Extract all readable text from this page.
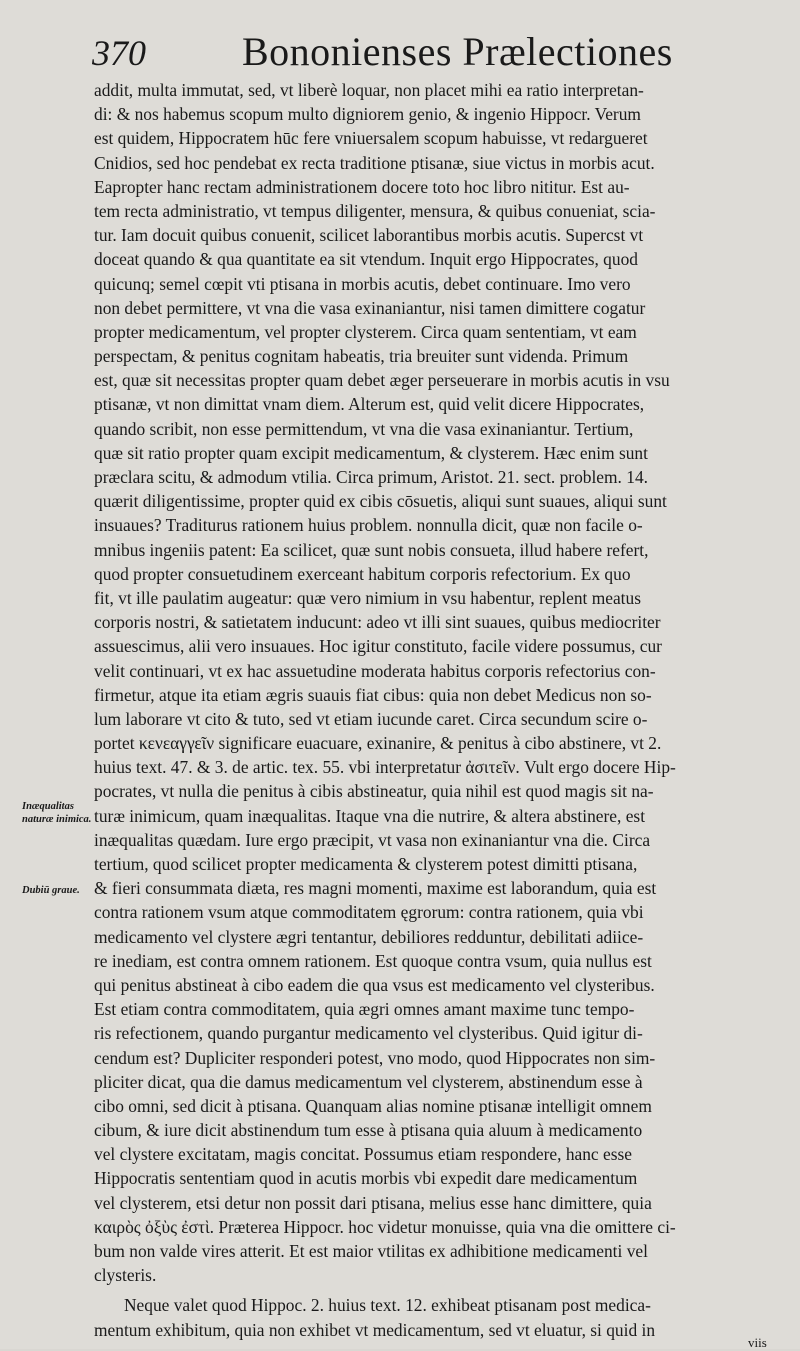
370 Bononienses Prælectiones
Inæqualitas naturæ inimica.
Dubiū graue.
addit, multa immutat, sed, vt liberè loquar, non placet mihi ea ratio interpretan-
di: & nos habemus scopum multo digniorem genio, & ingenio Hippocr. Verum
est quidem, Hippocratem hūc fere vniuersalem scopum habuisse, vt redargueret
Cnidios, sed hoc pendebat ex recta traditione ptisanæ, siue victus in morbis acut.
Eapropter hanc rectam administrationem docere toto hoc libro nititur. Est au-
tem recta administratio, vt tempus diligenter, mensura, & quibus conueniat, scia-
tur. Iam docuit quibus conuenit, scilicet laborantibus morbis acutis. Supercst vt
doceat quando & qua quantitate ea sit vtendum. Inquit ergo Hippocrates, quod
quicunq; semel cœpit vti ptisana in morbis acutis, debet continuare. Imo vero
non debet permittere, vt vna die vasa exinaniantur, nisi tamen dimittere cogatur
propter medicamentum, vel propter clysterem. Circa quam sententiam, vt eam
perspectam, & penitus cognitam habeatis, tria breuiter sunt videnda. Primum
est, quæ sit necessitas propter quam debet æger perseuerare in morbis acutis in vsu
ptisanæ, vt non dimittat vnam diem. Alterum est, quid velit dicere Hippocrates,
quando scribit, non esse permittendum, vt vna die vasa exinaniantur. Tertium,
quæ sit ratio propter quam excipit medicamentum, & clysterem. Hæc enim sunt
præclara scitu, & admodum vtilia. Circa primum, Aristot. 21. sect. problem. 14.
quærit diligentissime, propter quid ex cibis cōsuetis, aliqui sunt suaues, aliqui sunt
insuaues? Traditurus rationem huius problem. nonnulla dicit, quæ non facile o-
mnibus ingeniis patent: Ea scilicet, quæ sunt nobis consueta, illud habere refert,
quod propter consuetudinem exerceant habitum corporis refectorium. Ex quo
fit, vt ille paulatim augeatur: quæ vero nimium in vsu habentur, replent meatus
corporis nostri, & satietatem inducunt: adeo vt illi sint suaues, quibus mediocriter
assuescimus, alii vero insuaues. Hoc igitur constituto, facile videre possumus, cur
velit continuari, vt ex hac assuetudine moderata habitus corporis refectorius con-
firmetur, atque ita etiam ægris suauis fiat cibus: quia non debet Medicus non so-
lum laborare vt cito & tuto, sed vt etiam iucunde caret. Circa secundum scire o-
portet κενεαγγεῖν significare euacuare, exinanire, & penitus à cibo abstinere, vt 2.
huius text. 47. & 3. de artic. tex. 55. vbi interpretatur ἀσιτεῖν. Vult ergo docere Hip-
pocrates, vt nulla die penitus à cibis abstineatur, quia nihil est quod magis sit na-
turæ inimicum, quam inæqualitas. Itaque vna die nutrire, & altera abstinere, est
inæqualitas quædam. Iure ergo præcipit, vt vasa non exinaniantur vna die. Circa
tertium, quod scilicet propter medicamenta & clysterem potest dimitti ptisana,
& fieri consummata diæta, res magni momenti, maxime est laborandum, quia est
contra rationem vsum atque commoditatem ęgrorum: contra rationem, quia vbi
medicamento vel clystere ægri tentantur, debiliores redduntur, debilitati adiice-
re inediam, est contra omnem rationem. Est quoque contra vsum, quia nullus est
qui penitus abstineat à cibo eadem die qua vsus est medicamento vel clysteribus.
Est etiam contra commoditatem, quia ægri omnes amant maxime tunc tempo-
ris refectionem, quando purgantur medicamento vel clysteribus. Quid igitur di-
cendum est? Dupliciter responderi potest, vno modo, quod Hippocrates non sim-
pliciter dicat, qua die damus medicamentum vel clysterem, abstinendum esse à
cibo omni, sed dicit à ptisana. Quanquam alias nomine ptisanæ intelligit omnem
cibum, & iure dicit abstinendum tum esse à ptisana quia aluum à medicamento
vel clystere excitatam, magis concitat. Possumus etiam respondere, hanc esse
Hippocratis sententiam quod in acutis morbis vbi expedit dare medicamentum
vel clysterem, etsi detur non possit dari ptisana, melius esse hanc dimittere, quia
καιρὸς ὀξὺς ἐστὶ. Præterea Hippocr. hoc videtur monuisse, quia vna die omittere ci-
bum non valde vires atterit. Et est maior vtilitas ex adhibitione medicamenti vel
clysteris.
Neque valet quod Hippoc. 2. huius text. 12. exhibeat ptisanam post medica-
mentum exhibitum, quia non exhibet vt medicamentum, sed vt eluatur, si quid in
viis
